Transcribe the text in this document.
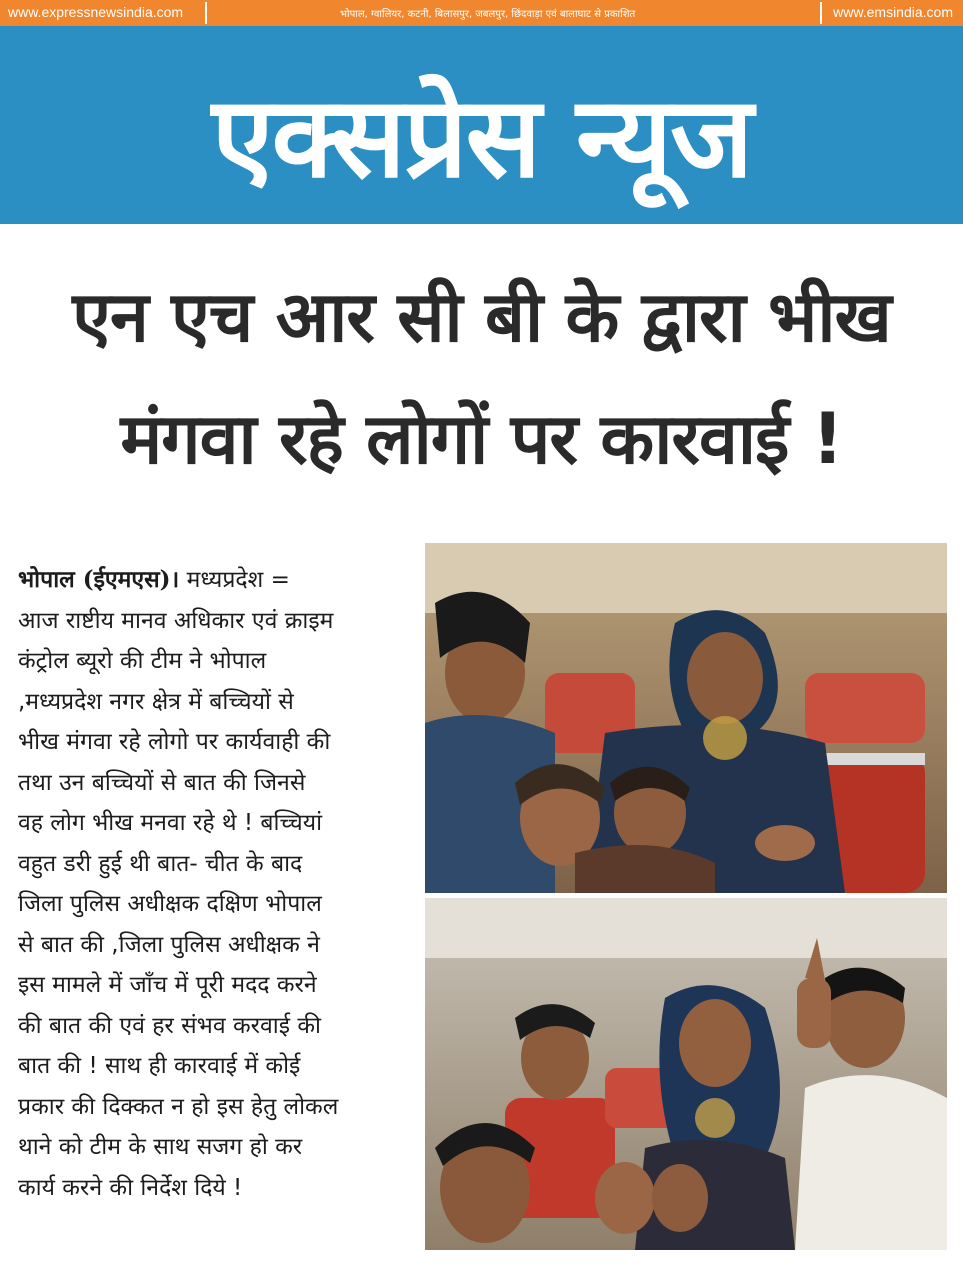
www.expressnewsindia.com	भोपाल, ग्वालियर, कटनी, बिलासपुर, जबलपुर, छिंदवाड़ा एवं बालाघाट से प्रकाशित	www.emsindia.com
एक्सप्रेस न्यूज
एन एच आर सी बी के द्वारा भीख
मंगवा रहे लोगों पर कारवाई !
भोपाल (ईएमएस)। मध्यप्रदेश =
आज राष्टीय मानव अधिकार एवं क्राइम
कंट्रोल ब्यूरो की टीम ने भोपाल
,मध्यप्रदेश नगर क्षेत्र में बच्चियों से
भीख मंगवा रहे लोगो पर कार्यवाही की
तथा उन बच्चियों से बात की जिनसे
वह लोग भीख मनवा रहे थे ! बच्चियां
वहुत डरी हुई थी बात- चीत के बाद
जिला पुलिस अधीक्षक दक्षिण भोपाल
से बात की ,जिला पुलिस अधीक्षक ने
इस मामले में जाँच में पूरी मदद करने
की बात की एवं हर संभव करवाई की
बात की ! साथ ही कारवाई में कोई
प्रकार की दिक्कत न हो इस हेतु लोकल
थाने को टीम के साथ सजग हो कर
कार्य करने की निर्देश दिये !
